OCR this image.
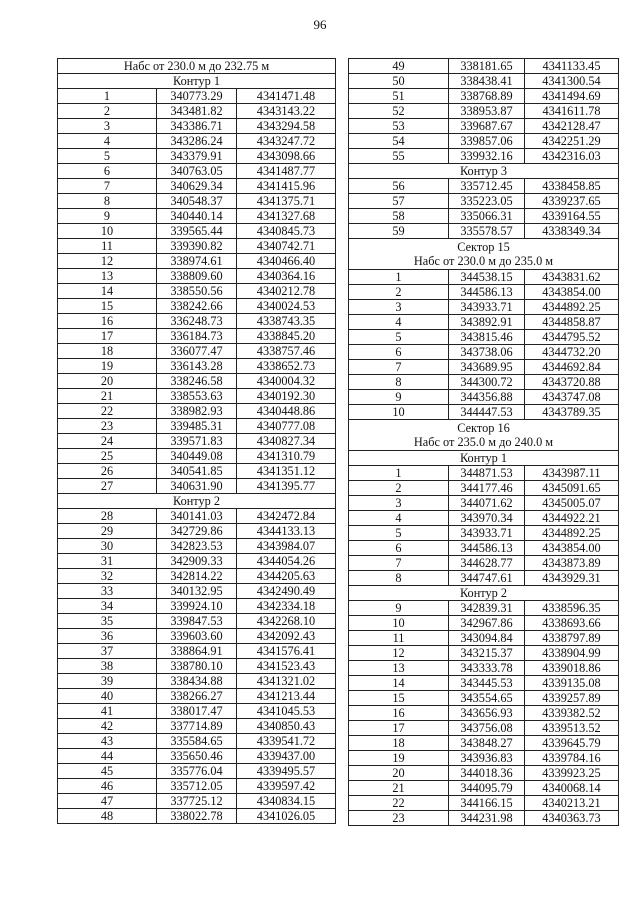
96
Набс от 230.0 м до 232.75 м		
Контур 1		
1	340773.29	4341471.48
2	343481.82	4343143.22
3	343386.71	4343294.58
4	343286.24	4343247.72
5	343379.91	4343098.66
6	340763.05	4341487.77
7	340629.34	4341415.96
8	340548.37	4341375.71
9	340440.14	4341327.68
10	339565.44	4340845.73
11	339390.82	4340742.71
12	338974.61	4340466.40
13	338809.60	4340364.16
14	338550.56	4340212.78
15	338242.66	4340024.53
16	336248.73	4338743.35
17	336184.73	4338845.20
18	336077.47	4338757.46
19	336143.28	4338652.73
20	338246.58	4340004.32
21	338553.63	4340192.30
22	338982.93	4340448.86
23	339485.31	4340777.08
24	339571.83	4340827.34
25	340449.08	4341310.79
26	340541.85	4341351.12
27	340631.90	4341395.77
Контур 2		
28	340141.03	4342472.84
29	342729.86	4344133.13
30	342823.53	4343984.07
31	342909.33	4344054.26
32	342814.22	4344205.63
33	340132.95	4342490.49
34	339924.10	4342334.18
35	339847.53	4342268.10
36	339603.60	4342092.43
37	338864.91	4341576.41
38	338780.10	4341523.43
39	338434.88	4341321.02
40	338266.27	4341213.44
41	338017.47	4341045.53
42	337714.89	4340850.43
43	335584.65	4339541.72
44	335650.46	4339437.00
45	335776.04	4339495.57
46	335712.05	4339597.42
47	337725.12	4340834.15
48	338022.78	4341026.05
49	338181.65	4341133.45
50	338438.41	4341300.54
51	338768.89	4341494.69
52	338953.87	4341611.78
53	339687.67	4342128.47
54	339857.06	4342251.29
55	339932.16	4342316.03
Контур 3		
56	335712.45	4338458.85
57	335223.05	4339237.65
58	335066.31	4339164.55
59	335578.57	4338349.34

Сектор 15
Набс от 230.0 м до 235.0 м		

1	344538.15	4343831.62
2	344586.13	4343854.00
3	343933.71	4344892.25
4	343892.91	4344858.87
5	343815.46	4344795.52
6	343738.06	4344732.20
7	343689.95	4344692.84
8	344300.72	4343720.88
9	344356.88	4343747.08
10	344447.53	4343789.35

Сектор 16
Набс от 235.0 м до 240.0 м		

Контур 1		
1	344871.53	4343987.11
2	344177.46	4345091.65
3	344071.62	4345005.07
4	343970.34	4344922.21
5	343933.71	4344892.25
6	344586.13	4343854.00
7	344628.77	4343873.89
8	344747.61	4343929.31
Контур 2		
9	342839.31	4338596.35
10	342967.86	4338693.66
11	343094.84	4338797.89
12	343215.37	4338904.99
13	343333.78	4339018.86
14	343445.53	4339135.08
15	343554.65	4339257.89
16	343656.93	4339382.52
17	343756.08	4339513.52
18	343848.27	4339645.79
19	343936.83	4339784.16
20	344018.36	4339923.25
21	344095.79	4340068.14
22	344166.15	4340213.21
23	344231.98	4340363.73
